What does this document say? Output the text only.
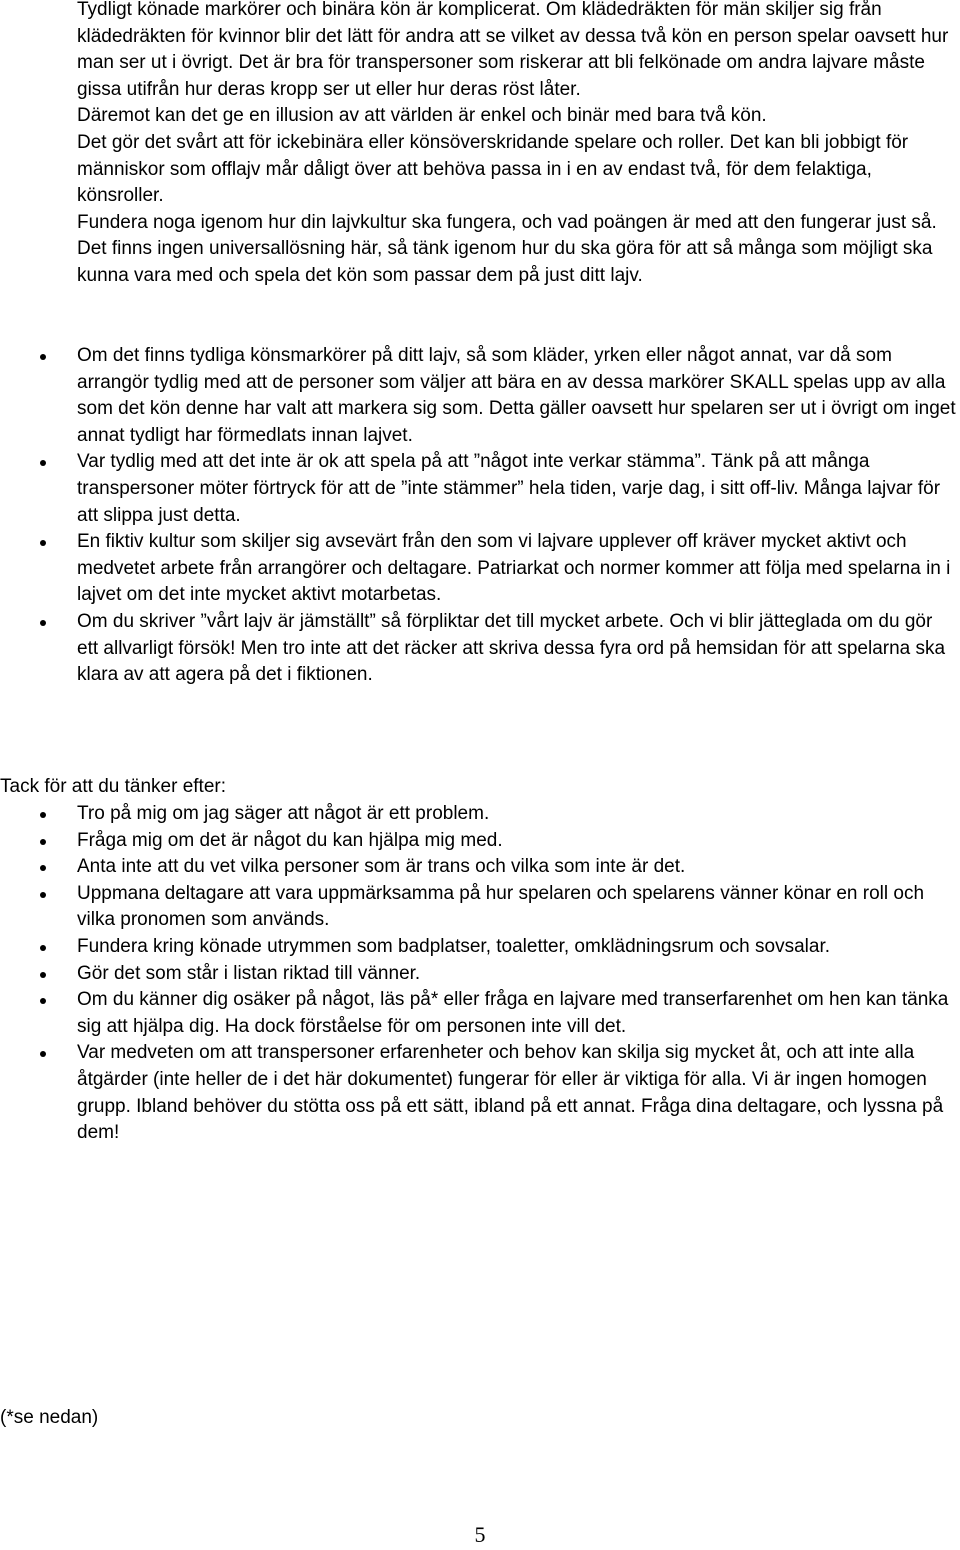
Tydligt könade markörer och binära kön är komplicerat. Om klädedräkten för män skiljer sig från klädedräkten för kvinnor blir det lätt för andra att se vilket av dessa två kön en person spelar oavsett hur man ser ut i övrigt. Det är bra för transpersoner som riskerar att bli felkönade om andra lajvare måste gissa utifrån hur deras kropp ser ut eller hur deras röst låter.

Däremot kan det ge en illusion av att världen är enkel och binär med bara två kön.

Det gör det svårt att för ickebinära eller könsöverskridande spelare och roller. Det kan bli jobbigt för människor som offlajv mår dåligt över att behöva passa in i en av endast två, för dem felaktiga, könsroller.

Fundera noga igenom hur din lajvkultur ska fungera, och vad poängen är med att den fungerar just så. Det finns ingen universallösning här, så tänk igenom hur du ska göra för att så många som möjligt ska kunna vara med och spela det kön som passar dem på just ditt lajv.

Om det finns tydliga könsmarkörer på ditt lajv, så som kläder, yrken eller något annat, var då som arrangör tydlig med att de personer som väljer att bära en av dessa markörer SKALL spelas upp av alla som det kön denne har valt att markera sig som. Detta gäller oavsett hur spelaren ser ut i övrigt om inget annat tydligt har förmedlats innan lajvet.
Var tydlig med att det inte är ok att spela på att ”något inte verkar stämma”. Tänk på att många transpersoner möter förtryck för att de ”inte stämmer” hela tiden, varje dag, i sitt off-liv. Många lajvar för att slippa just detta.
En fiktiv kultur som skiljer sig avsevärt från den som vi lajvare upplever off kräver mycket aktivt och medvetet arbete från arrangörer och deltagare. Patriarkat och normer kommer att följa med spelarna in i lajvet om det inte mycket aktivt motarbetas.
Om du skriver ”vårt lajv är jämställt” så förpliktar det till mycket arbete. Och vi blir jätteglada om du gör ett allvarligt försök! Men tro inte att det räcker att skriva dessa fyra ord på hemsidan för att spelarna ska klara av att agera på det i fiktionen.
Tack för att du tänker efter:
Tro på mig om jag säger att något är ett problem.
Fråga mig om det är något du kan hjälpa mig med.
Anta inte att du vet vilka personer som är trans och vilka som inte är det.
Uppmana deltagare att vara uppmärksamma på hur spelaren och spelarens vänner könar en roll och vilka pronomen som används.
Fundera kring könade utrymmen som badplatser, toaletter, omklädningsrum och sovsalar.
Gör det som står i listan riktad till vänner.
Om du känner dig osäker på något, läs på* eller fråga en lajvare med transerfarenhet om hen kan tänka sig att hjälpa dig. Ha dock förståelse för om personen inte vill det.
Var medveten om att transpersoner erfarenheter och behov kan skilja sig mycket åt, och att inte alla åtgärder (inte heller de i det här dokumentet) fungerar för eller är viktiga för alla. Vi är ingen homogen grupp. Ibland behöver du stötta oss på ett sätt, ibland på ett annat. Fråga dina deltagare, och lyssna på dem!
(*se nedan)
5
